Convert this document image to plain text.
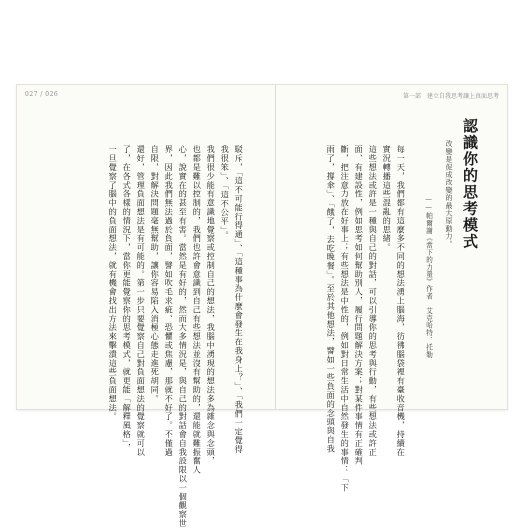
027 / 026	第一部　建立自我思考讓上真面思考
認識你的思考模式
改變是促成改變的最大原動力。
——帕爾謝《當下的力量》作者　艾克哈特．托勒
每一天，我們都有這麼多不同的想法湧上腦海，彷彿腦袋裡有臺收音機，持續在
實況轉播這些混亂的思緒。
這些想法或許是一種與自己的對話，可以引導你的思考與行動，有些想法或許正
面、有建設性，例如思考如何幫助別人，履行問題解決方案；對某件事情有正確判
斷，把注意力放在好事上；有些想法是中性的，例如對日常生活中自然發生的事情：「下
雨了，撐傘」、「餓了，去吃晚餐」。至於其他想法，譬如一些負面的念頭與自我
駁斥，「這不可能行得通」、「這種事為什麼會發生在我身上？」、「我們一定覺得
我很笨」、「這不公平」。
我們很少能有意識地覺察或控制自己的想法，我腦中湧現的想法多為雜念與念頭，
也都是難以控制的，我們也許會意識到自己有些想法並沒有幫助的，還能就難振奮人
心，說實在的甚至有害。當然是有好的，然而大多情況是，與自己的對話會自我設限以一個觀察世
界，因此我們無法過於負面，譬如吹毛求疵、恐懼或焦慮，那就不好了。不僅過
自限，對解決問題毫無幫助，讓你容易陷入消極心態走進死胡同。
還好，管理負面想法是有可能的。第一步只要覺察自己對負面想法的覺察就可以
了，在各式各樣的情況下，當你更能覺察你的思考模式，就更能「解釋風格」，
一旦覺察了腦中的負面想法，就有機會找出方法來擊潰這些負面想法。
